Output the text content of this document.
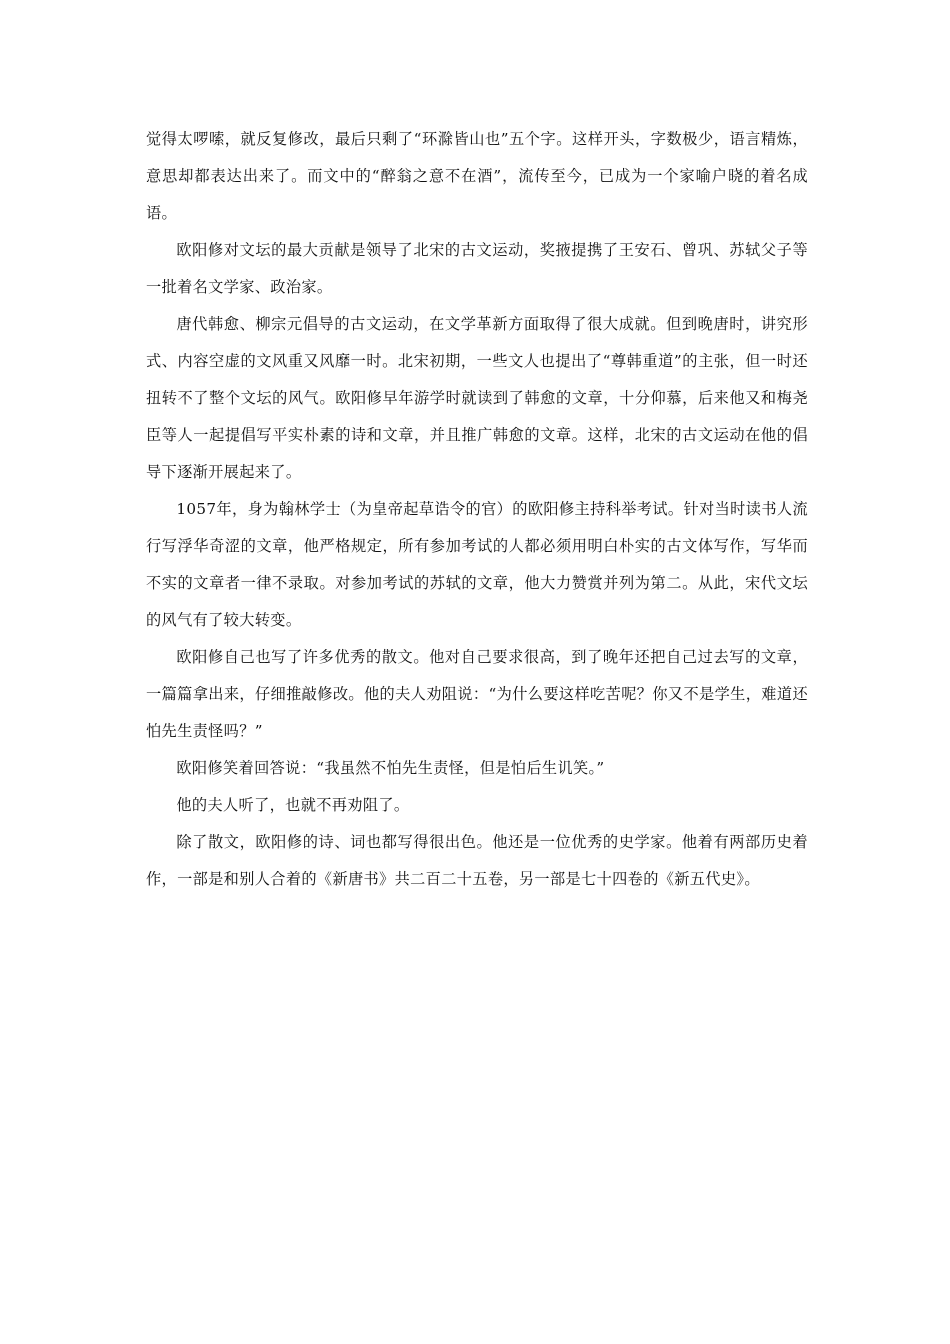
觉得太啰嗦，就反复修改，最后只剩了“环滁皆山也”五个字。这样开头，字数极少，语言精炼，意思却都表达出来了。而文中的“醉翁之意不在酒”，流传至今，已成为一个家喻户晓的着名成语。

欧阳修对文坛的最大贡献是领导了北宋的古文运动，奖掖提携了王安石、曾巩、苏轼父子等一批着名文学家、政治家。

唐代韩愈、柳宗元倡导的古文运动，在文学革新方面取得了很大成就。但到晚唐时，讲究形式、内容空虚的文风重又风靡一时。北宋初期，一些文人也提出了“尊韩重道”的主张，但一时还扭转不了整个文坛的风气。欧阳修早年游学时就读到了韩愈的文章，十分仰慕，后来他又和梅尧臣等人一起提倡写平实朴素的诗和文章，并且推广韩愈的文章。这样，北宋的古文运动在他的倡导下逐渐开展起来了。

1057年，身为翰林学士（为皇帝起草诰令的官）的欧阳修主持科举考试。针对当时读书人流行写浮华奇涩的文章，他严格规定，所有参加考试的人都必须用明白朴实的古文体写作，写华而不实的文章者一律不录取。对参加考试的苏轼的文章，他大力赞赏并列为第二。从此，宋代文坛的风气有了较大转变。

欧阳修自己也写了许多优秀的散文。他对自己要求很高，到了晚年还把自己过去写的文章，一篇篇拿出来，仔细推敲修改。他的夫人劝阻说：“为什么要这样吃苦呢？你又不是学生，难道还怕先生责怪吗？”

欧阳修笑着回答说：“我虽然不怕先生责怪，但是怕后生讥笑。”

他的夫人听了，也就不再劝阻了。

除了散文，欧阳修的诗、词也都写得很出色。他还是一位优秀的史学家。他着有两部历史着作，一部是和别人合着的《新唐书》共二百二十五卷，另一部是七十四卷的《新五代史》。
